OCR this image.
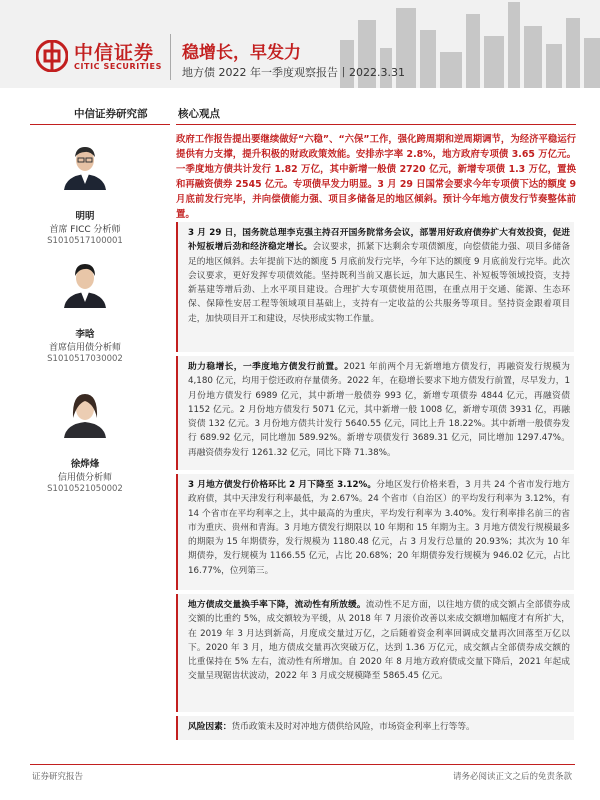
中信证券
CITIC SECURITIES
稳增长，早发力
地方债 2022 年一季度观察报告丨2022.3.31
中信证券研究部	核心观点
明明
首席 FICC 分析师
S1010517100001
李晗
首席信用债分析师
S1010517030002
徐烨烽
信用债分析师
S1010521050002
政府工作报告提出要继续做好“六稳”、“六保”工作，强化跨周期和逆周期调节，为经济平稳运行提供有力支撑，提升积极的财政政策效能。安排赤字率 2.8%，地方政府专项债 3.65 万亿元。一季度地方债共计发行 1.82 万亿，其中新增一般债 2720 亿元，新增专项债 1.3 万亿，置换和再融资债券 2545 亿元。专项债早发力明显。3 月 29 日国常会要求今年专项债下达的额度 9 月底前发行完毕，并向偿债能力强、项目多储备足的地区倾斜。预计今年地方债发行节奏整体前置。
3 月 29 日，国务院总理李克强主持召开国务院常务会议，部署用好政府债券扩大有效投资，促进补短板增后劲和经济稳定增长。会议要求，抓紧下达剩余专项债额度，向偿债能力强、项目多储备足的地区倾斜。去年提前下达的额度 5 月底前发行完毕，今年下达的额度 9 月底前发行完毕。此次会议要求，更好发挥专项债效能。坚持既利当前又惠长远，加大惠民生、补短板等领域投资，支持新基建等增后劲、上水平项目建设。合理扩大专项债使用范围，在重点用于交通、能源、生态环保、保障性安居工程等领域项目基础上，支持有一定收益的公共服务等项目。坚持资金跟着项目走，加快项目开工和建设，尽快形成实物工作量。
助力稳增长，一季度地方债发行前置。2021 年前两个月无新增地方债发行，再融资发行规模为 4,180 亿元，均用于偿还政府存量债务。2022 年，在稳增长要求下地方债发行前置，尽早发力，1 月份地方债发行 6989 亿元，其中新增一般债券 993 亿，新增专项债券 4844 亿元，再融资债 1152 亿元。2 月份地方债发行 5071 亿元，其中新增一般 1008 亿，新增专项债 3931 亿，再融资债 132 亿元。3 月份地方债共计发行 5640.55 亿元，同比上升 18.22%。其中新增一般债券发行 689.92 亿元，同比增加 589.92%。新增专项债发行 3689.31 亿元，同比增加 1297.47%。再融资债券发行 1261.32 亿元，同比下降 71.38%。
3 月地方债发行价格环比 2 月下降至 3.12%。分地区发行价格来看，3 月共 24 个省市发行地方政府债，其中天津发行利率最低，为 2.67%。24 个省市（自治区）的平均发行利率为 3.12%，有 14 个省市在平均利率之上，其中最高的为重庆，平均发行利率为 3.40%。发行利率排名前三的省市为重庆、贵州和青海。3 月地方债发行期限以 10 年期和 15 年期为主。3 月地方债发行规模最多的期限为 15 年期债券，发行规模为 1180.48 亿元，占 3 月发行总量的 20.93%；其次为 10 年期债券，发行规模为 1166.55 亿元，占比 20.68%；20 年期债券发行规模为 946.02 亿元，占比 16.77%，位列第三。
地方债成交量换手率下降，流动性有所放缓。流动性不足方面，以往地方债的成交额占全部债券成交额的比重约 5%，成交额较为平缓，从 2018 年 7 月滚价改善以来成交额增加幅度才有所扩大，在 2019 年 3 月达到新高，月度成交量过万亿，之后随着资金利率回调成交量再次回落至万亿以下。2020 年 3 月，地方债成交量再次突破万亿，达到 1.36 万亿元，成交额占全部债券成交额的比重保持在 5% 左右，流动性有所增加。自 2020 年 8 月地方政府债成交量下降后，2021 年起成交量呈现锯齿状波动，2022 年 3 月成交规模降至 5865.45 亿元。
风险因素：货币政策未及时对冲地方债供给风险，市场资金利率上行等等。
证券研究报告	请务必阅读正文之后的免责条款
